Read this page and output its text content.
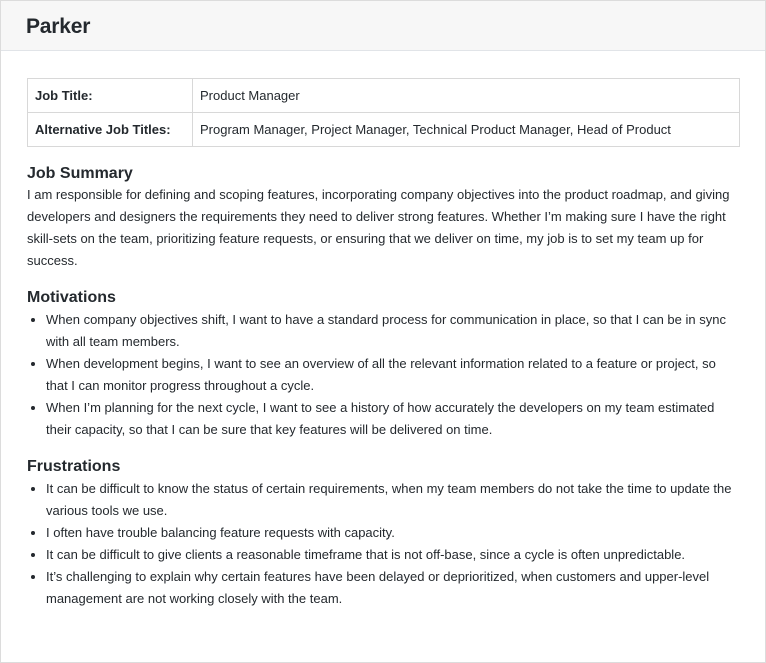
Parker
Job Title:	Product Manager
Alternative Job Titles:	Program Manager, Project Manager, Technical Product Manager, Head of Product
Job Summary

I am responsible for defining and scoping features, incorporating company objectives into the product roadmap, and giving developers and designers the requirements they need to deliver strong features. Whether I’m making sure I have the right skill-sets on the team, prioritizing feature requests, or ensuring that we deliver on time, my job is to set my team up for success.

Motivations
• When company objectives shift, I want to have a standard process for communication in place, so that I can be in sync with all team members.
• When development begins, I want to see an overview of all the relevant information related to a feature or project, so that I can monitor progress throughout a cycle.
• When I’m planning for the next cycle, I want to see a history of how accurately the developers on my team estimated their capacity, so that I can be sure that key features will be delivered on time.
Frustrations
• It can be difficult to know the status of certain requirements, when my team members do not take the time to update the various tools we use.
• I often have trouble balancing feature requests with capacity.
• It can be difficult to give clients a reasonable timeframe that is not off-base, since a cycle is often unpredictable.
• It’s challenging to explain why certain features have been delayed or deprioritized, when customers and upper-level management are not working closely with the team.
